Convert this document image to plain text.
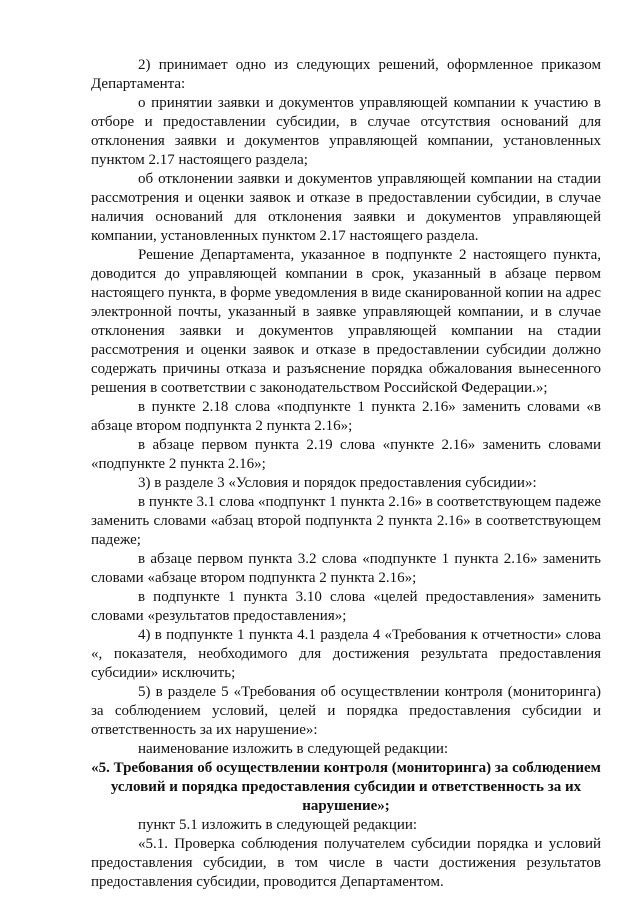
2) принимает одно из следующих решений, оформленное приказом Департамента:

о принятии заявки и документов управляющей компании к участию в отборе и предоставлении субсидии, в случае отсутствия оснований для отклонения заявки и документов управляющей компании, установленных пунктом 2.17 настоящего раздела;

об отклонении заявки и документов управляющей компании на стадии рассмотрения и оценки заявок и отказе в предоставлении субсидии, в случае наличия оснований для отклонения заявки и документов управляющей компании, установленных пунктом 2.17 настоящего раздела.

Решение Департамента, указанное в подпункте 2 настоящего пункта, доводится до управляющей компании в срок, указанный в абзаце первом настоящего пункта, в форме уведомления в виде сканированной копии на адрес электронной почты, указанный в заявке управляющей компании, и в случае отклонения заявки и документов управляющей компании на стадии рассмотрения и оценки заявок и отказе в предоставлении субсидии должно содержать причины отказа и разъяснение порядка обжалования вынесенного решения в соответствии с законодательством Российской Федерации.»;

в пункте 2.18 слова «подпункте 1 пункта 2.16» заменить словами «в абзаце втором подпункта 2 пункта 2.16»;

в абзаце первом пункта 2.19 слова «пункте 2.16» заменить словами «подпункте 2 пункта 2.16»;

3) в разделе 3 «Условия и порядок предоставления субсидии»:

в пункте 3.1 слова «подпункт 1 пункта 2.16» в соответствующем падеже заменить словами «абзац второй подпункта 2 пункта 2.16» в соответствующем падеже;

в абзаце первом пункта 3.2 слова «подпункте 1 пункта 2.16» заменить словами «абзаце втором подпункта 2 пункта 2.16»;

в подпункте 1 пункта 3.10 слова «целей предоставления» заменить словами «результатов предоставления»;

4) в подпункте 1 пункта 4.1 раздела 4 «Требования к отчетности» слова «, показателя, необходимого для достижения результата предоставления субсидии» исключить;

5) в разделе 5 «Требования об осуществлении контроля (мониторинга) за соблюдением условий, целей и порядка предоставления субсидии и ответственность за их нарушение»:

наименование изложить в следующей редакции:

«5. Требования об осуществлении контроля (мониторинга) за соблюдением условий и порядка предоставления субсидии и ответственность за их нарушение»;

пункт 5.1 изложить в следующей редакции:

«5.1. Проверка соблюдения получателем субсидии порядка и условий предоставления субсидии, в том числе в части достижения результатов предоставления субсидии, проводится Департаментом.
